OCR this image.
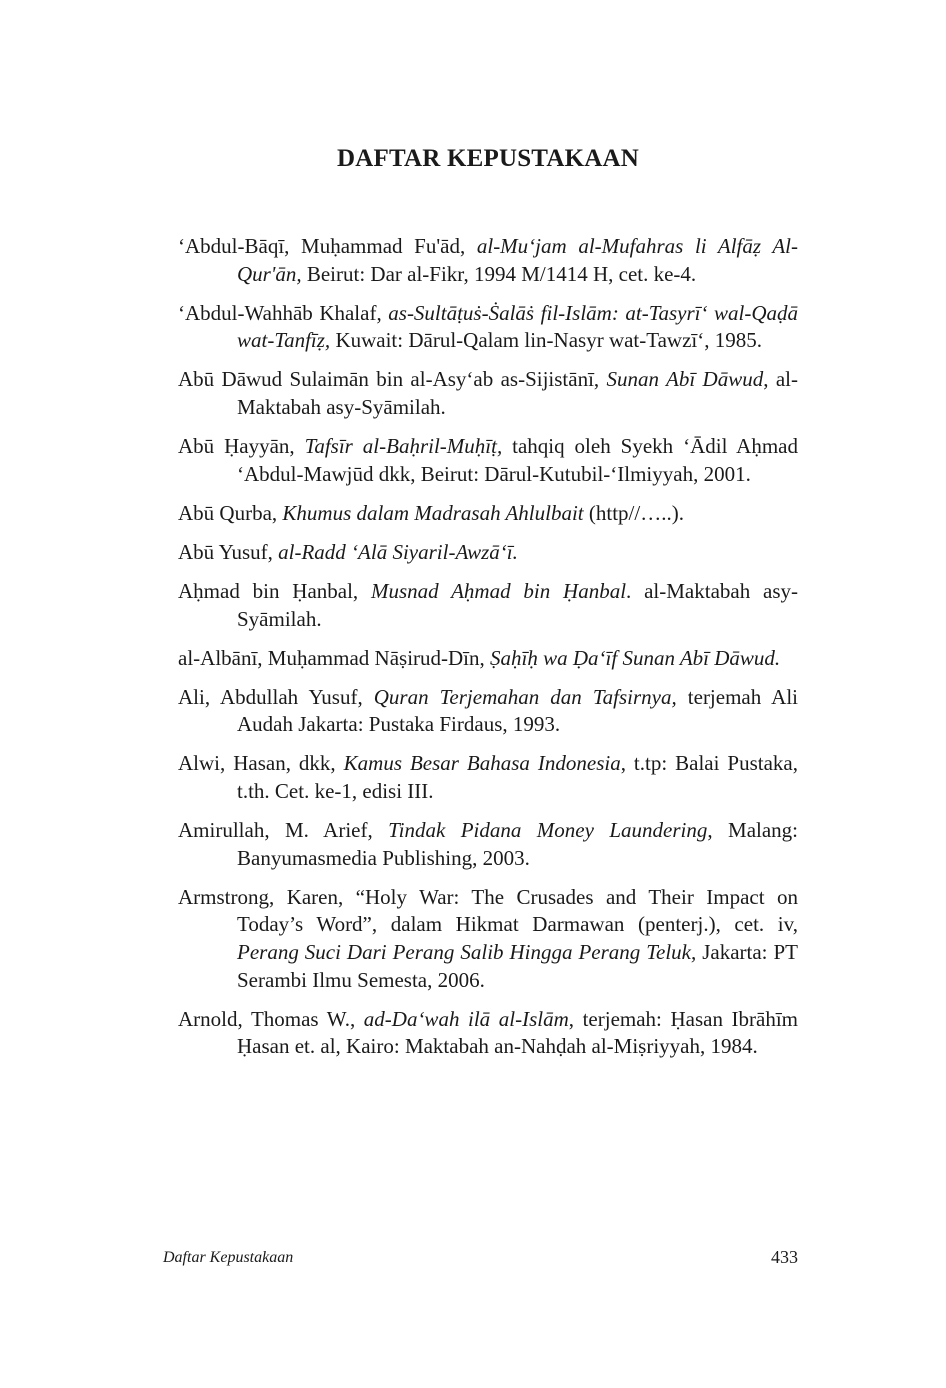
DAFTAR KEPUSTAKAAN

‘Abdul-Bāqī, Muḥammad Fu'ād, al-Mu‘jam al-Mufahras li Alfāẓ Al-Qur'ān, Beirut: Dar al-Fikr, 1994 M/1414 H, cet. ke-4.

‘Abdul-Wahhāb Khalaf, as-Sultāṭuṡ-Ṡalāṡ fil-Islām: at-Tasyrī‘ wal-Qaḍā wat-Tanfīẓ, Kuwait: Dārul-Qalam lin-Nasyr wat-Tawzī‘, 1985.

Abū Dāwud Sulaimān bin al-Asy‘ab as-Sijistānī, Sunan Abī Dāwud, al-Maktabah asy-Syāmilah.

Abū Ḥayyān, Tafsīr al-Baḥril-Muḥīṭ, tahqiq oleh Syekh ‘Ādil Aḥmad ‘Abdul-Mawjūd dkk, Beirut: Dārul-Kutubil-‘Ilmiyyah, 2001.

Abū Qurba, Khumus dalam Madrasah Ahlulbait (http//…..).

Abū Yusuf, al-Radd ‘Alā Siyaril-Awzā‘ī.

Aḥmad bin Ḥanbal, Musnad Aḥmad bin Ḥanbal. al-Maktabah asy-Syāmilah.

al-Albānī, Muḥammad Nāṣirud-Dīn, Ṣaḥīḥ wa Ḍa‘īf Sunan Abī Dāwud.

Ali, Abdullah Yusuf, Quran Terjemahan dan Tafsirnya, terjemah Ali Audah Jakarta: Pustaka Firdaus, 1993.

Alwi, Hasan, dkk, Kamus Besar Bahasa Indonesia, t.tp: Balai Pustaka, t.th. Cet. ke-1, edisi III.

Amirullah, M. Arief, Tindak Pidana Money Laundering, Malang: Banyumasmedia Publishing, 2003.

Armstrong, Karen, “Holy War: The Crusades and Their Impact on Today’s Word”, dalam Hikmat Darmawan (penterj.), cet. iv, Perang Suci Dari Perang Salib Hingga Perang Teluk, Jakarta: PT Serambi Ilmu Semesta, 2006.

Arnold, Thomas W., ad-Da‘wah ilā al-Islām, terjemah: Ḥasan Ibrāhīm Ḥasan et. al, Kairo: Maktabah an-Nahḍah al-Miṣriyyah, 1984.

Daftar Kepustakaan	433
